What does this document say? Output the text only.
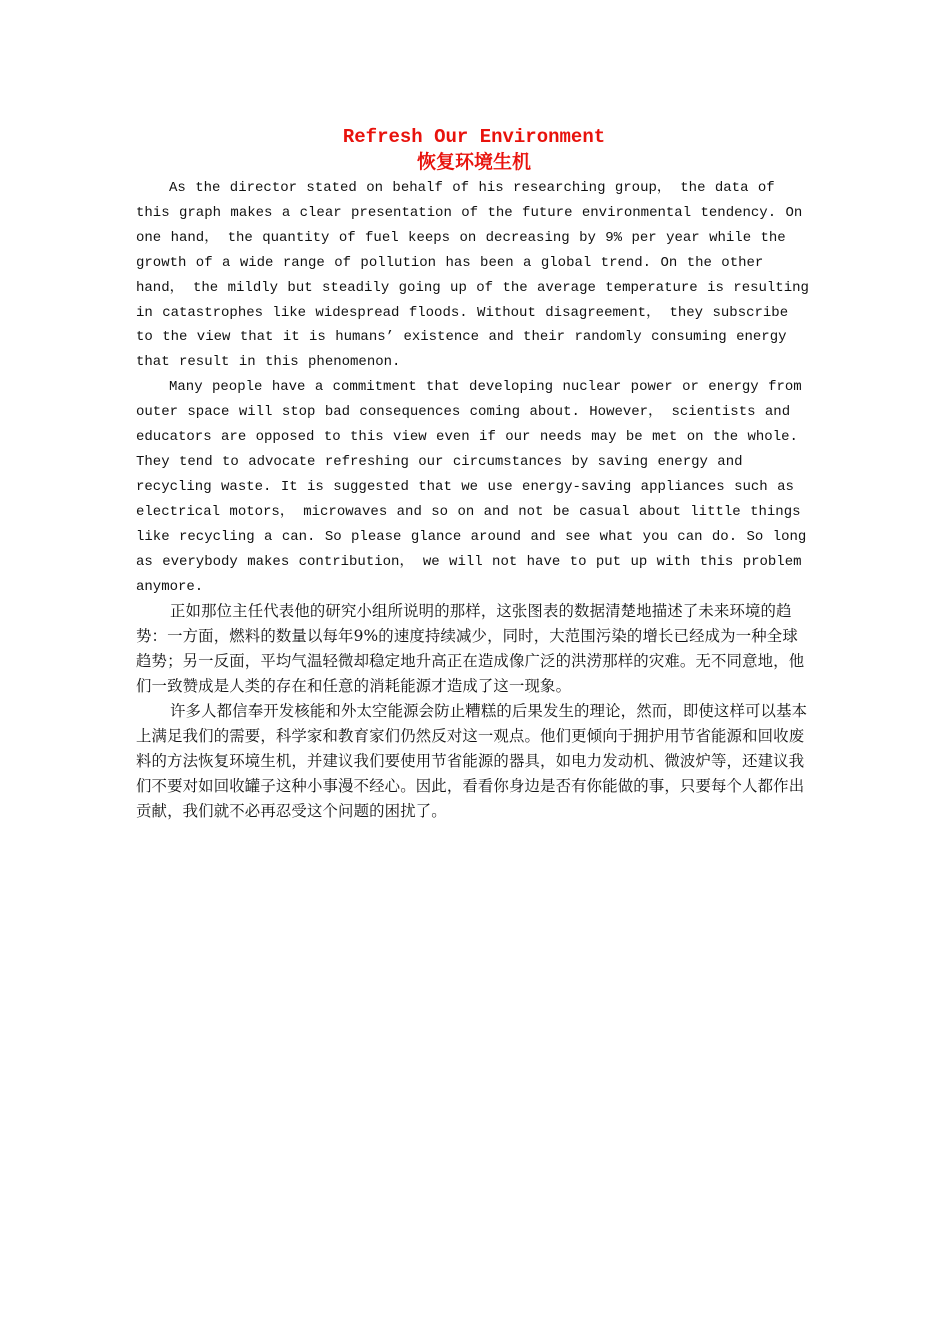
Refresh Our Environment
恢复环境生机

As the director stated on behalf of his researching group， the data of this graph makes a clear presentation of the future environmental tendency. On one hand， the quantity of fuel keeps on decreasing by 9% per year while the growth of a wide range of pollution has been a global trend. On the other hand， the mildly but steadily going up of the average temperature is resulting in catastrophes like widespread floods. Without disagreement， they subscribe to the view that it is humans’ existence and their randomly consuming energy that result in this phenomenon.

Many people have a commitment that developing nuclear power or energy from outer space will stop bad consequences coming about. However， scientists and educators are opposed to this view even if our needs may be met on the whole. They tend to advocate refreshing our circumstances by saving energy and recycling waste. It is suggested that we use energy-saving appliances such as electrical motors， microwaves and so on and not be casual about little things like recycling a can. So please glance around and see what you can do. So long as everybody makes contribution， we will not have to put up with this problem anymore.

正如那位主任代表他的研究小组所说明的那样，这张图表的数据清楚地描述了未来环境的趋势：一方面，燃料的数量以每年9%的速度持续减少，同时，大范围污染的增长已经成为一种全球趋势；另一反面，平均气温轻微却稳定地升高正在造成像广泛的洪涝那样的灾难。无不同意地，他们一致赞成是人类的存在和任意的消耗能源才造成了这一现象。

许多人都信奉开发核能和外太空能源会防止糟糕的后果发生的理论，然而，即使这样可以基本上满足我们的需要，科学家和教育家们仍然反对这一观点。他们更倾向于拥护用节省能源和回收废料的方法恢复环境生机，并建议我们要使用节省能源的器具，如电力发动机、微波炉等，还建议我们不要对如回收罐子这种小事漫不经心。因此，看看你身边是否有你能做的事，只要每个人都作出贡献，我们就不必再忍受这个问题的困扰了。
